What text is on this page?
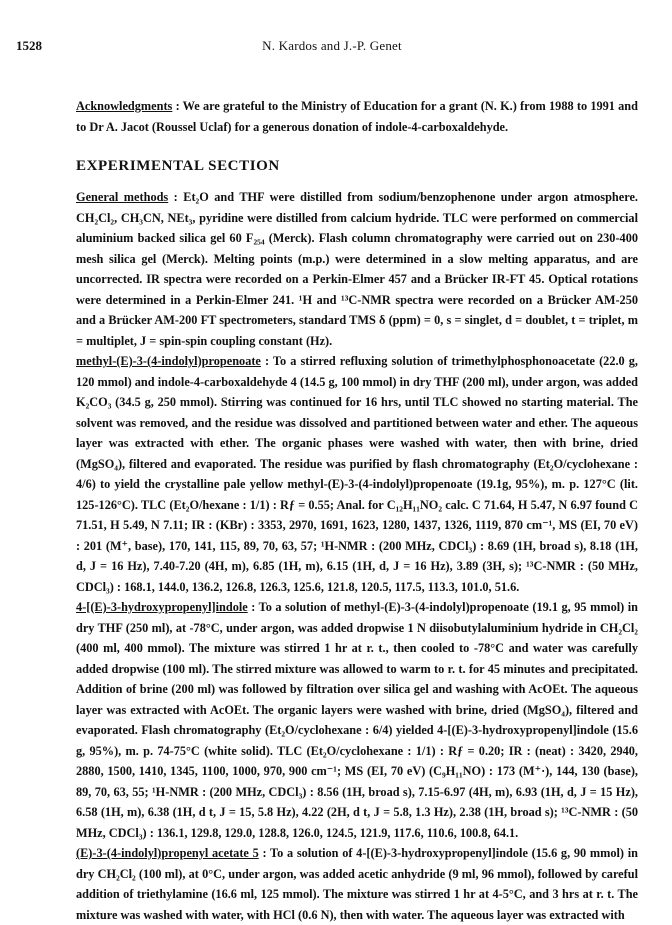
1528	N. Kardos and J.-P. Genet

Acknowledgments : We are grateful to the Ministry of Education for a grant (N. K.) from 1988 to 1991 and to Dr A. Jacot (Roussel Uclaf) for a generous donation of indole-4-carboxaldehyde.

EXPERIMENTAL SECTION

General methods : Et₂O and THF were distilled from sodium/benzophenone under argon atmosphere. CH₂Cl₂, CH₃CN, NEt₃, pyridine were distilled from calcium hydride. TLC were performed on commercial aluminium backed silica gel 60 F₂₅₄ (Merck). Flash column chromatography were carried out on 230-400 mesh silica gel (Merck). Melting points (m.p.) were determined in a slow melting apparatus, and are uncorrected. IR spectra were recorded on a Perkin-Elmer 457 and a Brücker IR-FT 45. Optical rotations were determined in a Perkin-Elmer 241. ¹H and ¹³C-NMR spectra were recorded on a Brücker AM-250 and a Brücker AM-200 FT spectrometers, standard TMS δ (ppm) = 0, s = singlet, d = doublet, t = triplet, m = multiplet, J = spin-spin coupling constant (Hz).

methyl-(E)-3-(4-indolyl)propenoate : To a stirred refluxing solution of trimethylphosphonoacetate (22.0 g, 120 mmol) and indole-4-carboxaldehyde 4 (14.5 g, 100 mmol) in dry THF (200 ml), under argon, was added K₂CO₃ (34.5 g, 250 mmol). Stirring was continued for 16 hrs, until TLC showed no starting material. The solvent was removed, and the residue was dissolved and partitioned between water and ether. The aqueous layer was extracted with ether. The organic phases were washed with water, then with brine, dried (MgSO₄), filtered and evaporated. The residue was purified by flash chromatography (Et₂O/cyclohexane : 4/6) to yield the crystalline pale yellow methyl-(E)-3-(4-indolyl)propenoate (19.1g, 95%), m. p. 127°C (lit. 125-126°C). TLC (Et₂O/hexane : 1/1) : Rƒ = 0.55; Anal. for C₁₂H₁₁NO₂ calc. C 71.64, H 5.47, N 6.97 found C 71.51, H 5.49, N 7.11; IR : (KBr) : 3353, 2970, 1691, 1623, 1280, 1437, 1326, 1119, 870 cm⁻¹, MS (EI, 70 eV) : 201 (M⁺, base), 170, 141, 115, 89, 70, 63, 57; ¹H-NMR : (200 MHz, CDCl₃) : 8.69 (1H, broad s), 8.18 (1H, d, J = 16 Hz), 7.40-7.20 (4H, m), 6.85 (1H, m), 6.15 (1H, d, J = 16 Hz), 3.89 (3H, s); ¹³C-NMR : (50 MHz, CDCl₃) : 168.1, 144.0, 136.2, 126.8, 126.3, 125.6, 121.8, 120.5, 117.5, 113.3, 101.0, 51.6.

4-[(E)-3-hydroxypropenyl]indole : To a solution of methyl-(E)-3-(4-indolyl)propenoate (19.1 g, 95 mmol) in dry THF (250 ml), at -78°C, under argon, was added dropwise 1 N diisobutylaluminium hydride in CH₂Cl₂ (400 ml, 400 mmol). The mixture was stirred 1 hr at r. t., then cooled to -78°C and water was carefully added dropwise (100 ml). The stirred mixture was allowed to warm to r. t. for 45 minutes and precipitated. Addition of brine (200 ml) was followed by filtration over silica gel and washing with AcOEt. The aqueous layer was extracted with AcOEt. The organic layers were washed with brine, dried (MgSO₄), filtered and evaporated. Flash chromatography (Et₂O/cyclohexane : 6/4) yielded 4-[(E)-3-hydroxypropenyl]indole (15.6 g, 95%), m. p. 74-75°C (white solid). TLC (Et₂O/cyclohexane : 1/1) : Rƒ = 0.20; IR : (neat) : 3420, 2940, 2880, 1500, 1410, 1345, 1100, 1000, 970, 900 cm⁻¹; MS (EI, 70 eV) (C₉H₁₁NO) : 173 (M⁺·), 144, 130 (base), 89, 70, 63, 55; ¹H-NMR : (200 MHz, CDCl₃) : 8.56 (1H, broad s), 7.15-6.97 (4H, m), 6.93 (1H, d, J = 15 Hz), 6.58 (1H, m), 6.38 (1H, d t, J = 15, 5.8 Hz), 4.22 (2H, d t, J = 5.8, 1.3 Hz), 2.38 (1H, broad s); ¹³C-NMR : (50 MHz, CDCl₃) : 136.1, 129.8, 129.0, 128.8, 126.0, 124.5, 121.9, 117.6, 110.6, 100.8, 64.1.

(E)-3-(4-indolyl)propenyl acetate 5 : To a solution of 4-[(E)-3-hydroxypropenyl]indole (15.6 g, 90 mmol) in dry CH₂Cl₂ (100 ml), at 0°C, under argon, was added acetic anhydride (9 ml, 96 mmol), followed by careful addition of triethylamine (16.6 ml, 125 mmol). The mixture was stirred 1 hr at 4-5°C, and 3 hrs at r. t. The mixture was washed with water, with HCl (0.6 N), then with water. The aqueous layer was extracted with
